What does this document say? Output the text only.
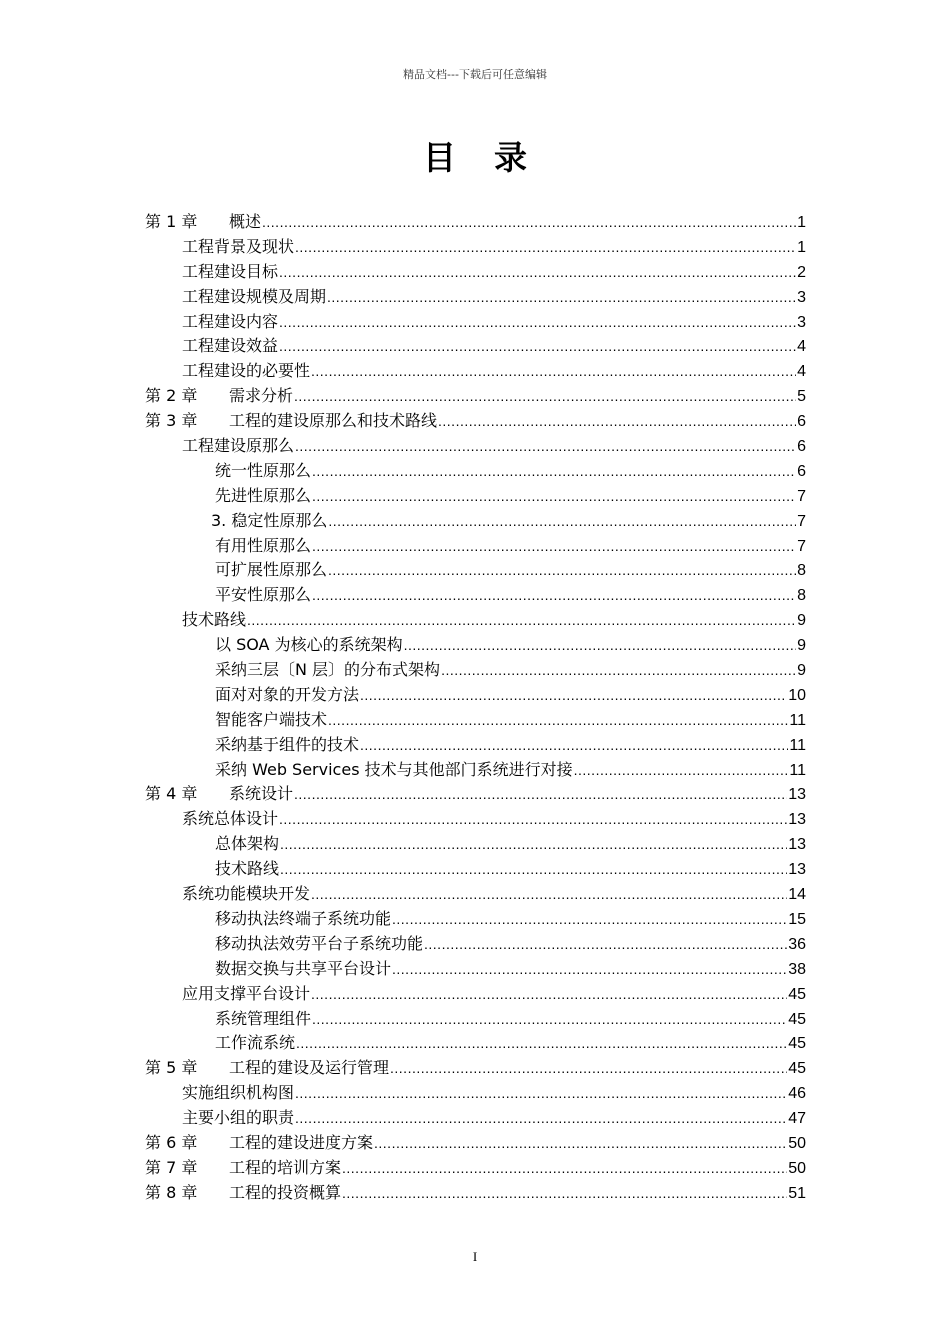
精品文档---下载后可任意编辑
目 录
第 1 章 概述 .....	1
工程背景及现状 .....	1
工程建设目标 .....	2
工程建设规模及周期 .....	3
工程建设内容 .....	3
工程建设效益 .....	4
工程建设的必要性 .....	4
第 2 章 需求分析 .....	5
第 3 章 工程的建设原那么和技术路线 .....	6
工程建设原那么 .....	6
统一性原那么 .....	6
先进性原那么 .....	7
3. 稳定性原那么 .....	7
有用性原那么 .....	7
可扩展性原那么 .....	8
平安性原那么 .....	8
技术路线 .....	9
以 SOA 为核心的系统架构 .....	9
采纳三层〔N 层〕的分布式架构 .....	9
面对对象的开发方法 .....	10
智能客户端技术 .....	11
采纳基于组件的技术 .....	11
采纳 Web Services 技术与其他部门系统进行对接 .....	11
第 4 章 系统设计 .....	13
系统总体设计 .....	13
总体架构 .....	13
技术路线 .....	13
系统功能模块开发 .....	14
移动执法终端子系统功能 .....	15
移动执法效劳平台子系统功能 .....	36
数据交换与共享平台设计 .....	38
应用支撑平台设计 .....	45
系统管理组件 .....	45
工作流系统 .....	45
第 5 章 工程的建设及运行管理 .....	45
实施组织机构图 .....	46
主要小组的职责 .....	47
第 6 章 工程的建设进度方案 .....	50
第 7 章 工程的培训方案 .....	50
第 8 章 工程的投资概算 .....	51
I
